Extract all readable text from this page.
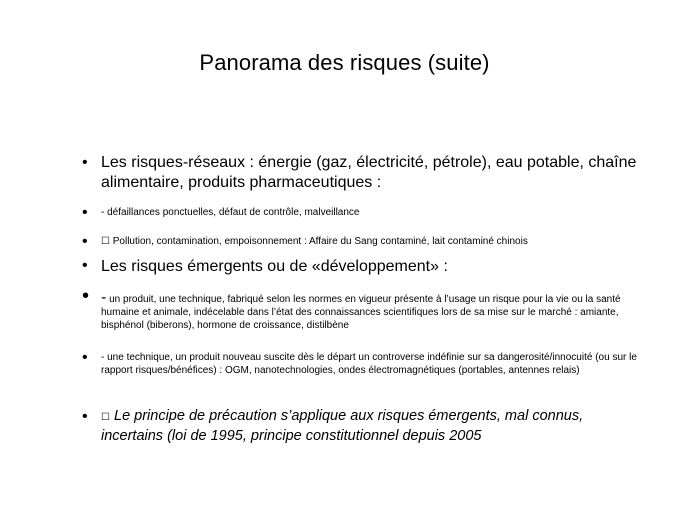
Panorama des risques (suite)
• Les risques-réseaux : énergie (gaz, électricité, pétrole), eau potable, chaîne alimentaire, produits pharmaceutiques :
• - défaillances ponctuelles, défaut de contrôle, malveillance
• ☐ Pollution, contamination, empoisonnement : Affaire du Sang contaminé, lait contaminé chinois
• Les risques émergents ou de «développement» :
• - un produit, une technique, fabriqué selon les normes en vigueur présente à l’usage un risque pour la vie ou la santé humaine et animale, indécelable dans l’état des connaissances scientifiques lors de sa mise sur le marché : amiante, bisphénol (biberons), hormone de croissance, distilbène
• - une technique, un produit nouveau suscite dès le départ un controverse indéfinie sur sa dangerosité/innocuité (ou sur le rapport risques/bénéfices) : OGM, nanotechnologies, ondes électromagnétiques (portables, antennes relais)
• ☐ Le principe de précaution s’applique aux risques émergents, mal connus, incertains (loi de 1995, principe constitutionnel depuis 2005
